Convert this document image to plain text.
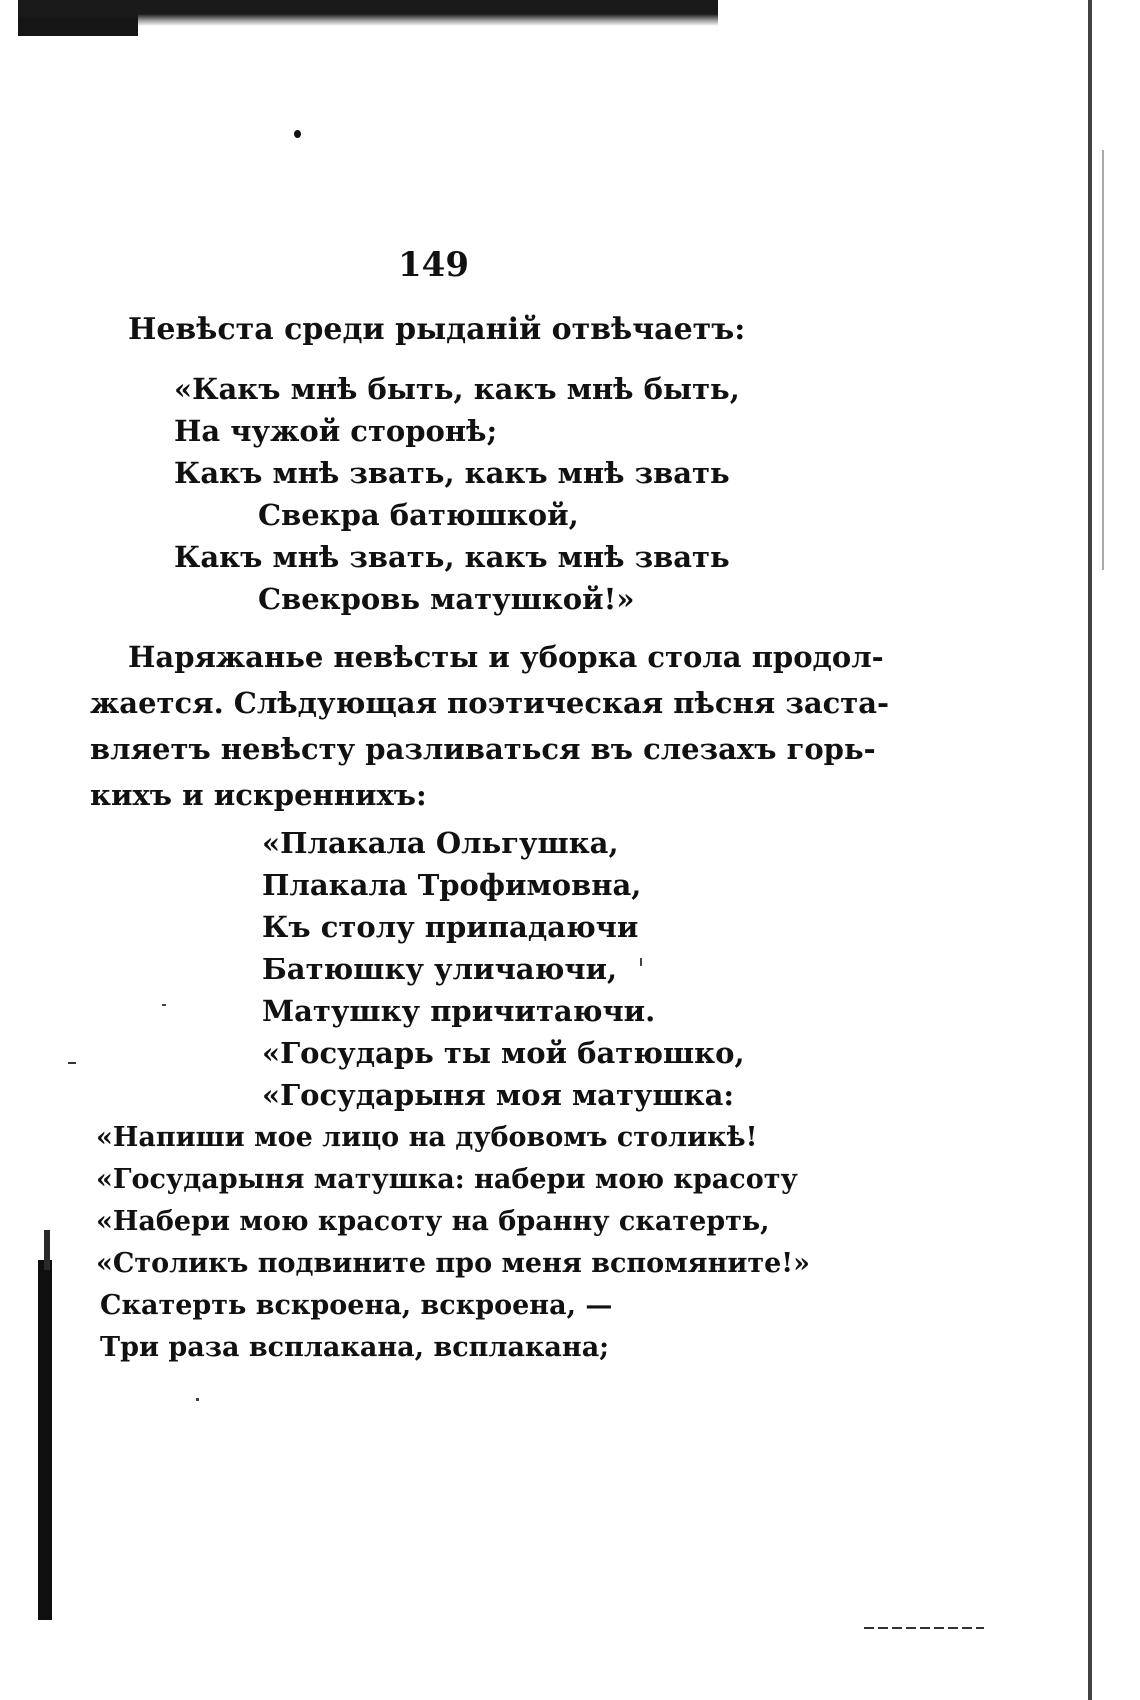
149
Невѣста среди рыданій отвѣчаетъ:
«Какъ мнѣ быть, какъ мнѣ быть,
На чужой сторонѣ;
Какъ мнѣ звать, какъ мнѣ звать
Свекра батюшкой,
Какъ мнѣ звать, какъ мнѣ звать
Свекровь матушкой!»
Наряжанье невѣсты и уборка стола продол-
жается. Слѣдующая поэтическая пѣсня заста-
вляетъ невѣсту разливаться въ слезахъ горь-
кихъ и искреннихъ:
«Плакала Ольгушка,
Плакала Трофимовна,
Къ столу припадаючи
Батюшку уличаючи,
Матушку причитаючи.
«Государь ты мой батюшко,
«Государыня моя матушка:
«Напиши мое лицо на дубовомъ столикѣ!
«Государыня матушка: набери мою красоту
«Набери мою красоту на бранну скатерть,
«Столикъ подвините про меня вспомяните!»
Скатерть вскроена, вскроена, —
Три раза всплакана, всплакана;
